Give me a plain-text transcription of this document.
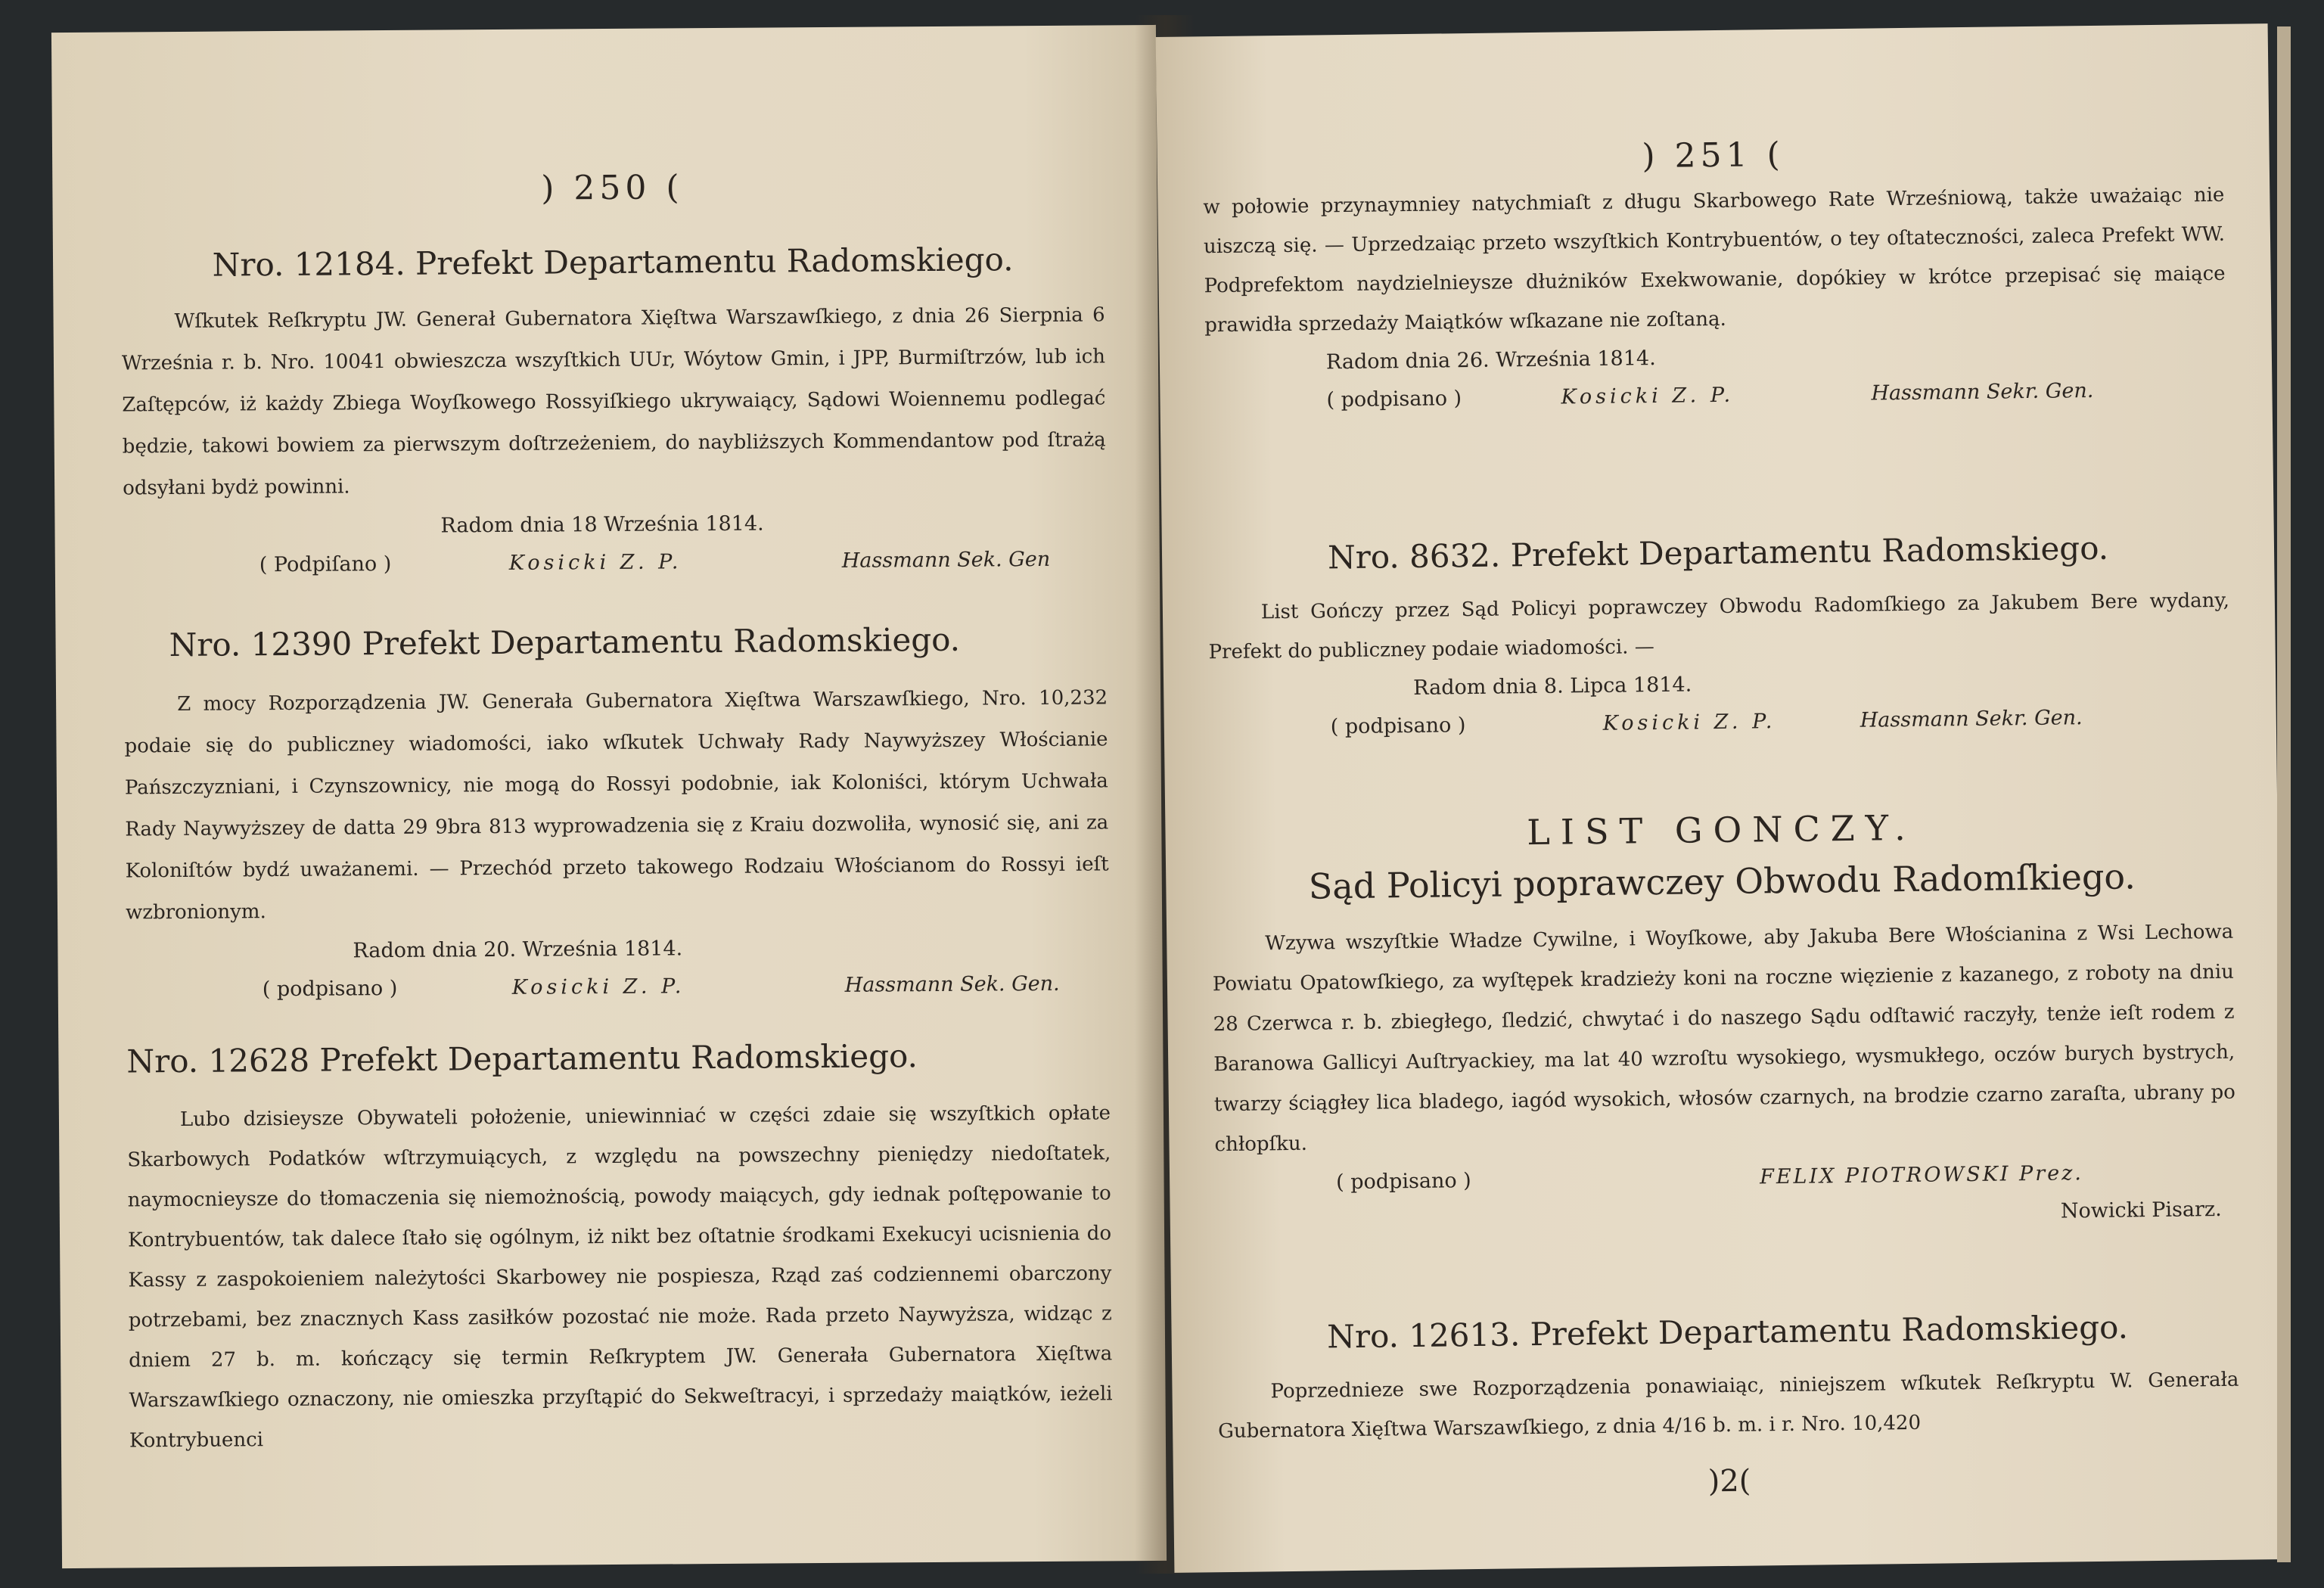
) 250 (

Nro. 12184. Prefekt Departamentu Radomskiego.

Wſkutek Reſkryptu JW. Generał Gubernatora Xięſtwa Warszawſkiego, z dnia 26 Sierpnia 6 Września r. b. Nro. 10041 obwieszcza wszyſtkich UUr, Wóytow Gmin, i JPP, Burmiſtrzów, lub ich Zaſtępców, iż każdy Zbiega Woyſkowego Rossyiſkiego ukrywaiący, Sądowi Woiennemu podlegać będzie, takowi bowiem za pierwszym doſtrzeżeniem, do naybliższych Kommendantow pod ſtrażą odsyłani bydż powinni.

Radom dnia 18 Września 1814.

( Podpiſano )	Kosicki Z. P.	Hassmann Sek. Gen

Nro. 12390 Prefekt Departamentu Radomskiego.

Z mocy Rozporządzenia JW. Generała Gubernatora Xięſtwa Warszawſkiego, Nro. 10,232 podaie się do publiczney wiadomości, iako wſkutek Uchwały Rady Naywyższey Włościanie Pańszczyzniani, i Czynszownicy, nie mogą do Rossyi podobnie, iak Koloniści, którym Uchwała Rady Naywyższey de datta 29 9bra 813 wyprowadzenia się z Kraiu dozwoliła, wynosić się, ani za Koloniſtów bydź uważanemi. — Przechód przeto takowego Rodzaiu Włościanom do Rossyi ieſt wzbronionym.

Radom dnia 20. Września 1814.

( podpisano )	Kosicki Z. P.	Hassmann Sek. Gen.

Nro. 12628 Prefekt Departamentu Radomskiego.

Lubo dzisieysze Obywateli położenie, uniewinniać w części zdaie się wszyſtkich opłate Skarbowych Podatków wſtrzymuiących, z względu na powszechny pieniędzy niedoſtatek, naymocnieysze do tłomaczenia się niemożnością, powody maiących, gdy iednak poſtępowanie to Kontrybuentów, tak dalece ſtało się ogólnym, iż nikt bez oſtatnie środkami Exekucyi ucisnienia do Kassy z zaspokoieniem należytości Skarbowey nie pospiesza, Rząd zaś codziennemi obarczony potrzebami, bez znacznych Kass zasiłków pozostać nie może. Rada przeto Naywyższa, widząc z dniem 27 b. m. kończący się termin Reſkryptem JW. Generała Gubernatora Xięſtwa Warszawſkiego oznaczony, nie omieszka przyſtąpić do Sekweſtracyi, i sprzedaży maiątków, ieżeli Kontrybuenci

) 251 (

w połowie przynaymniey natychmiaſt z długu Skarbowego Rate Wrześniową, także uważaiąc nie uiszczą się. — Uprzedzaiąc przeto wszyſtkich Kontrybuentów, o tey oſtateczności, zaleca Prefekt WW. Podprefektom naydzielnieysze dłużników Exekwowanie, dopókiey w krótce przepisać się maiące prawidła sprzedaży Maiątków wſkazane nie zoſtaną.

Radom dnia 26. Września 1814.

( podpisano )	Kosicki Z. P.	Hassmann Sekr. Gen.

Nro. 8632. Prefekt Departamentu Radomskiego.

List Gończy przez Sąd Policyi poprawczey Obwodu Radomſkiego za Jakubem Bere wydany, Prefekt do publiczney podaie wiadomości. —

Radom dnia 8. Lipca 1814.

( podpisano )	Kosicki Z. P.	Hassmann Sekr. Gen.

LIST GONCZY.

Sąd Policyi poprawczey Obwodu Radomſkiego.

Wzywa wszyſtkie Władze Cywilne, i Woyſkowe, aby Jakuba Bere Włościanina z Wsi Lechowa Powiatu Opatowſkiego, za wyſtępek kradzieży koni na roczne więzienie z kazanego, z roboty na dniu 28 Czerwca r. b. zbiegłego, ſledzić, chwytać i do naszego Sądu odſtawić raczyły, tenże ieſt rodem z Baranowa Gallicyi Auſtryackiey, ma lat 40 wzroſtu wysokiego, wysmukłego, oczów burych bystrych, twarzy ściągłey lica bladego, iagód wysokich, włosów czarnych, na brodzie czarno zaraſta, ubrany po chłopſku.

( podpisano )	FELIX PIOTROWSKI Prez.

Nowicki Pisarz.

Nro. 12613. Prefekt Departamentu Radomskiego.

Poprzednieze swe Rozporządzenia ponawiaiąc, niniejszem wſkutek Reſkryptu W. Generała Gubernatora Xięſtwa Warszawſkiego, z dnia 4/16 b. m. i r. Nro. 10,420

)2(
